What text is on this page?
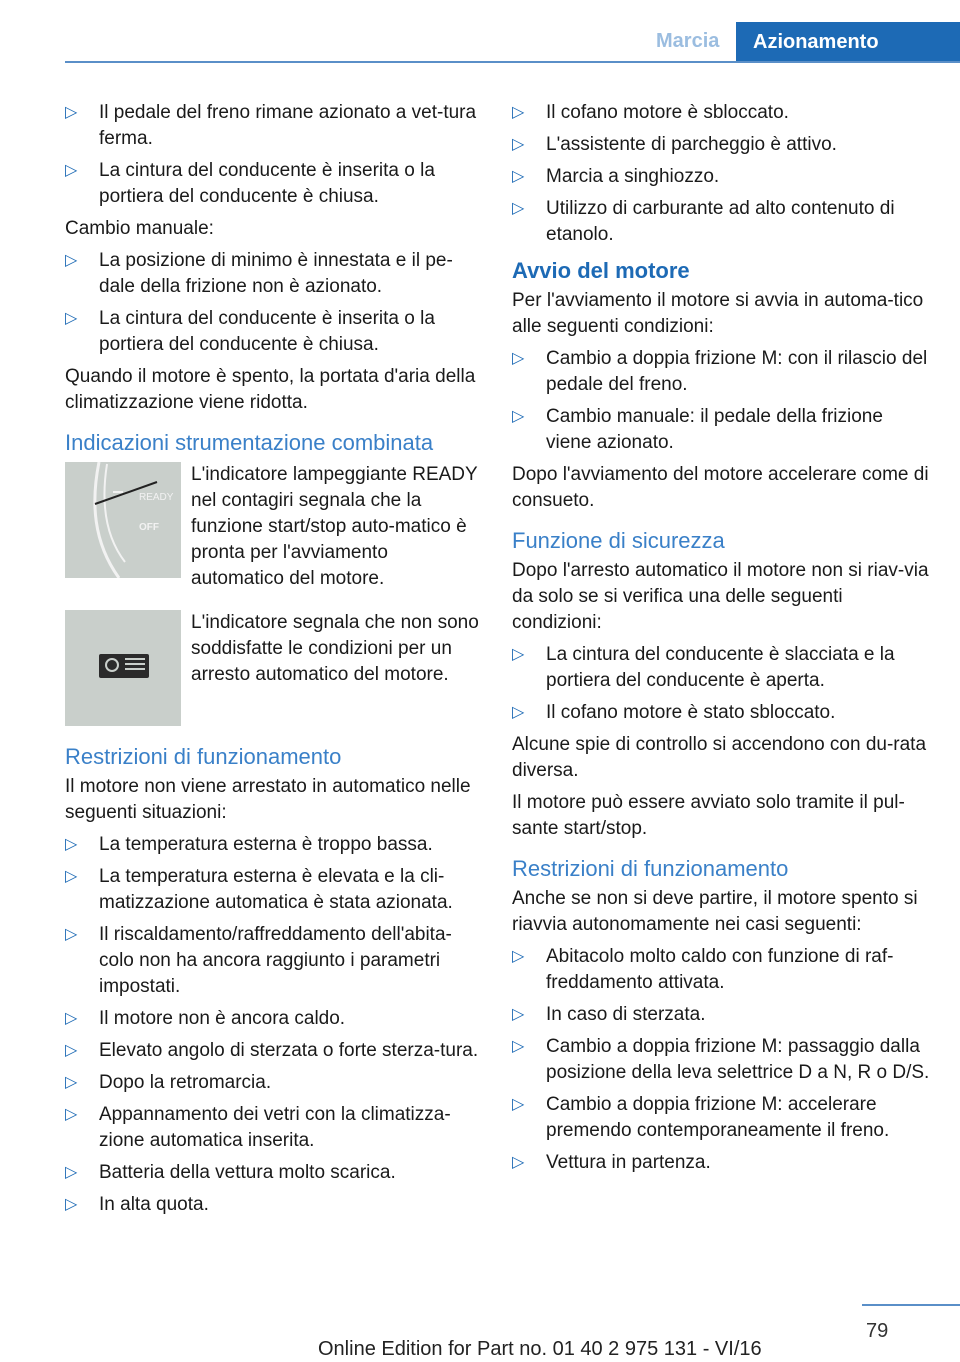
Marcia	Azionamento
▷ Il pedale del freno rimane azionato a vet-tura ferma.
▷ La cintura del conducente è inserita o la portiera del conducente è chiusa.

Cambio manuale:

▷ La posizione di minimo è innestata e il pe-dale della frizione non è azionato.
▷ La cintura del conducente è inserita o la portiera del conducente è chiusa.

Quando il motore è spento, la portata d'aria della climatizzazione viene ridotta.

Indicazioni strumentazione combinata
READY
OFF
L'indicatore lampeggiante READY nel contagiri segnala che la funzione start/stop auto-matico è pronta per l'avviamento automatico del motore.
L'indicatore segnala che non sono soddisfatte le condizioni per un arresto automatico del motore.
Restrizioni di funzionamento

Il motore non viene arrestato in automatico nelle seguenti situazioni:

▷ La temperatura esterna è troppo bassa.
▷ La temperatura esterna è elevata e la cli-matizzazione automatica è stata azionata.
▷ Il riscaldamento/raffreddamento dell'abita-colo non ha ancora raggiunto i parametri impostati.
▷ Il motore non è ancora caldo.
▷ Elevato angolo di sterzata o forte sterza-tura.
▷ Dopo la retromarcia.
▷ Appannamento dei vetri con la climatizza-zione automatica inserita.
▷ Batteria della vettura molto scarica.
▷ In alta quota.
▷ Il cofano motore è sbloccato.
▷ L'assistente di parcheggio è attivo.
▷ Marcia a singhiozzo.
▷ Utilizzo di carburante ad alto contenuto di etanolo.
Avvio del motore

Per l'avviamento il motore si avvia in automa-tico alle seguenti condizioni:

▷ Cambio a doppia frizione M: con il rilascio del pedale del freno.
▷ Cambio manuale: il pedale della frizione viene azionato.

Dopo l'avviamento del motore accelerare come di consueto.

Funzione di sicurezza

Dopo l'arresto automatico il motore non si riav-via da solo se si verifica una delle seguenti condizioni:

▷ La cintura del conducente è slacciata e la portiera del conducente è aperta.
▷ Il cofano motore è stato sbloccato.

Alcune spie di controllo si accendono con du-rata diversa.

Il motore può essere avviato solo tramite il pul-sante start/stop.

Restrizioni di funzionamento

Anche se non si deve partire, il motore spento si riavvia autonomamente nei casi seguenti:

▷ Abitacolo molto caldo con funzione di raf-freddamento attivata.
▷ In caso di sterzata.
▷ Cambio a doppia frizione M: passaggio dalla posizione della leva selettrice D a N, R o D/S.
▷ Cambio a doppia frizione M: accelerare premendo contemporaneamente il freno.
▷ Vettura in partenza.
79
Online Edition for Part no. 01 40 2 975 131 - VI/16
